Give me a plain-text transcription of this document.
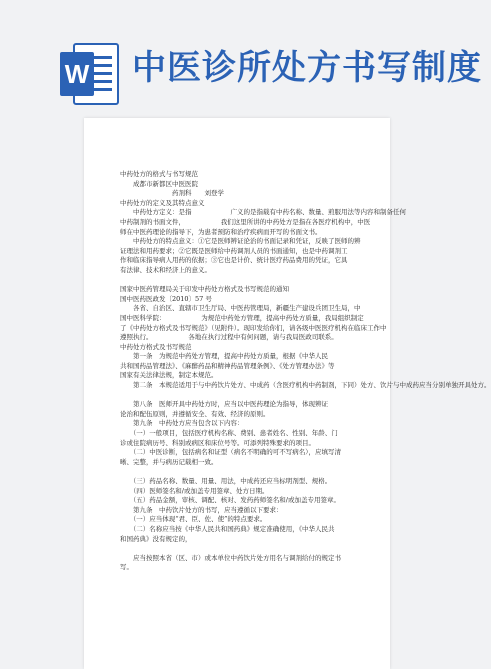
W 中医诊所处方书写制度
中药处方的格式与书写规范
　　成都市新都区中医医院
　　　　　　　　药剂科　　刘登学
中药处方的定义及其特点意义
　　中药处方定义：是指　　　　　　广义的是指载有中药名称、数量、煎服用法等内容和制备任何
中药制剂的书面文件，　　　　　　我们这里所讲的中药处方是指在各医疗机构中，中医
师在中医药理论的指导下，为患者预防和治疗疾病而开写的书面文书。
　　中药处方的特点意义：①它是医师辨证论治的书面记录和凭证，反映了医师的辨
证理法和用药要求；②它既是医师给中药调剂人员的书面通知，也是中药调剂工
作和临床指导病人用药的依据；③它也是计价、统计医疗药品费用的凭证，它具
有法律、技术和经济上的意义。
国家中医药管理局关于印发中药处方格式及书写规范的通知
国中医药医政发〔2010〕57 号
　　各省、自治区、直辖市卫生厅局、中医药管理局，新疆生产建设兵团卫生局，中
国中医科学院：　　　　　　为规范中药处方管理，提高中药处方质量，我局组织制定
了《中药处方格式及书写规范》（见附件）。现印发给你们，请各级中医医疗机构在临床工作中
遵照执行。　　　　　　各地在执行过程中有何问题，请与我局医政司联系。
中药处方格式及书写规范
　　第一条　为规范中药处方管理，提高中药处方质量，根据《中华人民
共和国药品管理法》、《麻醉药品和精神药品管理条例》、《处方管理办法》等
国家有关法律法规，制定本规范。
　　第二条　本规范适用于与中药饮片处方、中成药（含医疗机构中药制剂，下同）处方、饮片与中成药应当分别单独开具处方。
　　第八条　医师开具中药处方时，应当以中医药理论为指导，体现辨证
论治和配伍原则，并遵循安全、有效、经济的原则。
　　第九条　中药处方应当包含以下内容：
　　（一）一般项目，包括医疗机构名称、费别、患者姓名、性别、年龄、门
诊或住院病历号、科别或病区和床位号等。可添列特殊要求的项目。
　　（二）中医诊断，包括病名和证型（病名不明确的可不写病名），应填写清
晰、完整，并与病历记载相一致。
　　（三）药品名称、数量、用量、用法，中成药还应当标明剂型、规格。
　　（四）医师签名和/或加盖专用签章、处方日期。
　　（五）药品金额，审核、调配、核对、发药药师签名和/或加盖专用签章。
　　第九条　中药饮片处方的书写，应当遵循以下要求：
　　（一）应当体现“君、臣、佐、使”的特点要求。
　　（二）名称应当按《中华人民共和国药典》规定准确使用，《中华人民共
和国药典》没有规定的，
　　应当按照本省（区、市）或本单位中药饮片处方用名与调剂给付的规定书
写。
